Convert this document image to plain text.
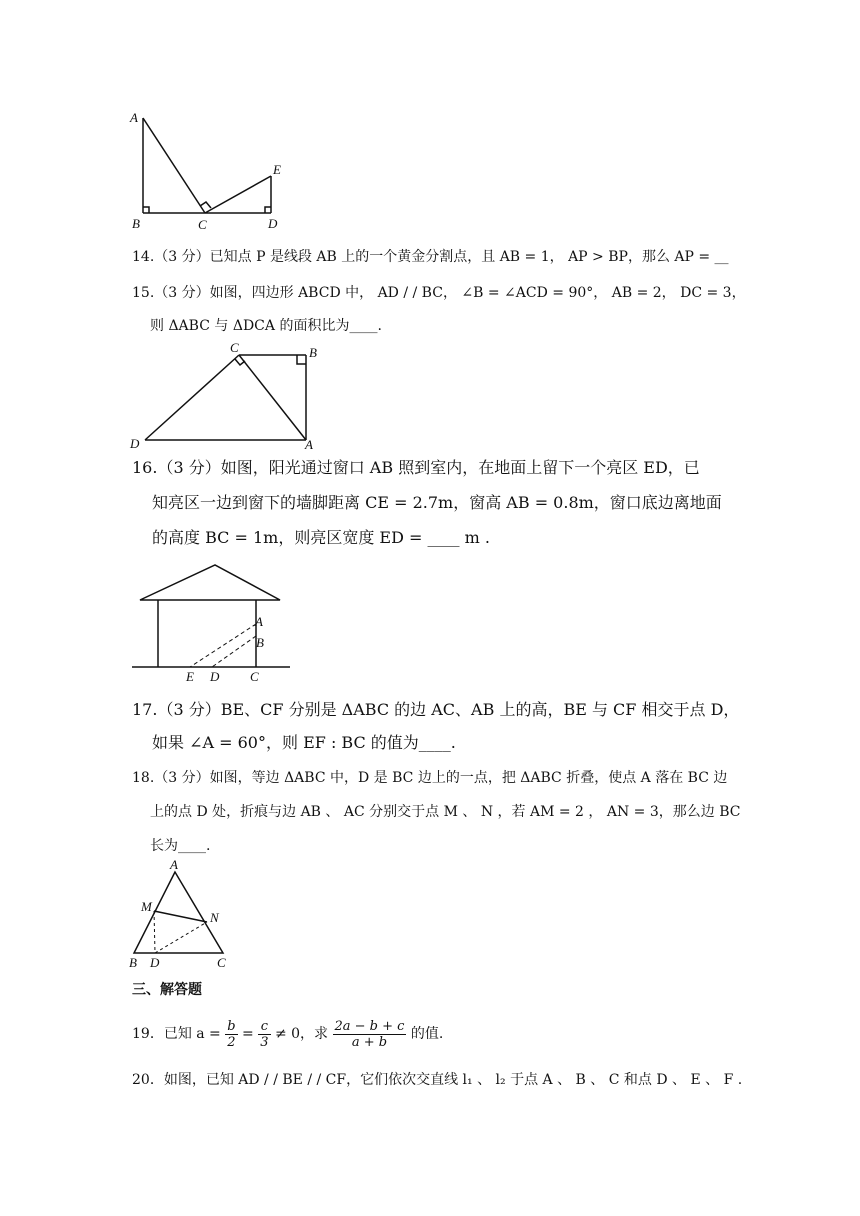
A
B	C	D
E
14.（3 分）已知点 P 是线段 AB 上的一个黄金分割点，且 AB = 1， AP > BP，那么 AP = __
15.（3 分）如图，四边形 ABCD 中， AD / / BC， ∠B = ∠ACD = 90°， AB = 2， DC = 3，
则 ΔABC 与 ΔDCA 的面积比为____.
C	B
D	A
16.（3 分）如图，阳光通过窗口 AB 照到室内，在地面上留下一个亮区 ED，已
知亮区一边到窗下的墙脚距离 CE = 2.7m，窗高 AB = 0.8m，窗口底边离地面
的高度 BC = 1m，则亮区宽度 ED = ____ m .
A
B
E D C
17.（3 分）BE、CF 分别是 ΔABC 的边 AC、AB 上的高，BE 与 CF 相交于点 D，
如果 ∠A = 60°，则 EF : BC 的值为____.
18.（3 分）如图，等边 ΔABC 中，D 是 BC 边上的一点，把 ΔABC 折叠，使点 A 落在 BC 边
上的点 D 处，折痕与边 AB 、 AC 分别交于点 M 、 N ，若 AM = 2 ， AN = 3，那么边 BC
长为____.
A
M
N
B D	C
三、解答题
19．已知 $a = \frac{b}{2} = \frac{c}{3} \ne 0$，求 $\frac{2a - b + c}{a + b}$ 的值.
20．如图，已知 AD / / BE / / CF，它们依次交直线 l₁ 、 l₂ 于点 A 、 B 、 C 和点 D 、 E 、 F .
